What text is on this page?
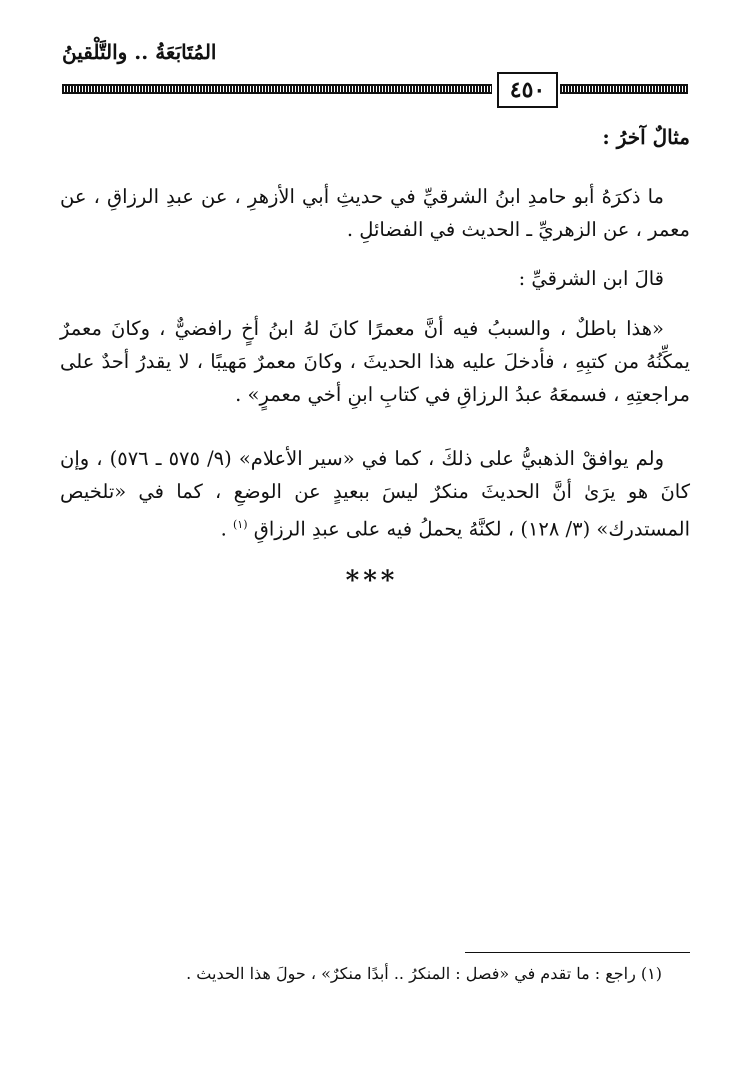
المُتَابَعَةُ .. والتَّلْقينُ
٤٥٠
مثالٌ آخرُ :

ما ذكرَهُ أبو حامدِ ابنُ الشرقيِّ في حديثِ أبي الأزهرِ ، عن عبدِ الرزاقِ ، عن معمر ، عن الزهريِّ ـ الحديث في الفضائلِ .

قالَ ابن الشرقيِّ :

«هذا باطلٌ ، والسببُ فيه أنَّ معمرًا كانَ لهُ ابنُ أخٍ رافضيٌّ ، وكانَ معمرٌ يمكِّنُهُ من كتبِهِ ، فأدخلَ عليه هذا الحديثَ ، وكانَ معمرٌ مَهيبًا ، لا يقدرُ أحدٌ على مراجعتِهِ ، فسمعَهُ عبدُ الرزاقِ في كتابِ ابنِ أخي معمرٍ» .

ولم يوافقْ الذهبيُّ على ذلكَ ، كما في «سير الأعلام» (٩/ ٥٧٥ ـ ٥٧٦) ، وإن كانَ هو يرَىٰ أنَّ الحديثَ منكرٌ ليسَ ببعيدٍ عن الوضعِ ، كما في «تلخيص المستدرك» (٣/ ١٢٨) ، لكنَّهُ يحملُ فيه على عبدِ الرزاقِ $^{(١)}$ .

***
(١) راجع : ما تقدم في «فصل : المنكرُ .. أبدًا منكرٌ» ، حولَ هذا الحديث .
